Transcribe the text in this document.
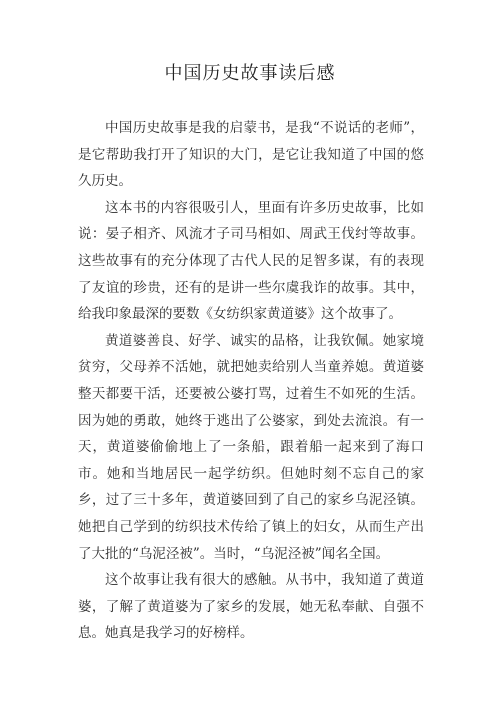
中国历史故事读后感

中国历史故事是我的启蒙书，是我“不说话的老师”，是它帮助我打开了知识的大门，是它让我知道了中国的悠久历史。

这本书的内容很吸引人，里面有许多历史故事，比如说：晏子相齐、风流才子司马相如、周武王伐纣等故事。这些故事有的充分体现了古代人民的足智多谋，有的表现了友谊的珍贵，还有的是讲一些尔虞我诈的故事。其中，给我印象最深的要数《女纺织家黄道婆》这个故事了。

黄道婆善良、好学、诚实的品格，让我钦佩。她家境贫穷，父母养不活她，就把她卖给别人当童养媳。黄道婆整天都要干活，还要被公婆打骂，过着生不如死的生活。因为她的勇敢，她终于逃出了公婆家，到处去流浪。有一天，黄道婆偷偷地上了一条船，跟着船一起来到了海口市。她和当地居民一起学纺织。但她时刻不忘自己的家乡，过了三十多年，黄道婆回到了自己的家乡乌泥泾镇。她把自己学到的纺织技术传给了镇上的妇女，从而生产出了大批的“乌泥泾被”。当时，“乌泥泾被”闻名全国。

这个故事让我有很大的感触。从书中，我知道了黄道婆，了解了黄道婆为了家乡的发展，她无私奉献、自强不息。她真是我学习的好榜样。
